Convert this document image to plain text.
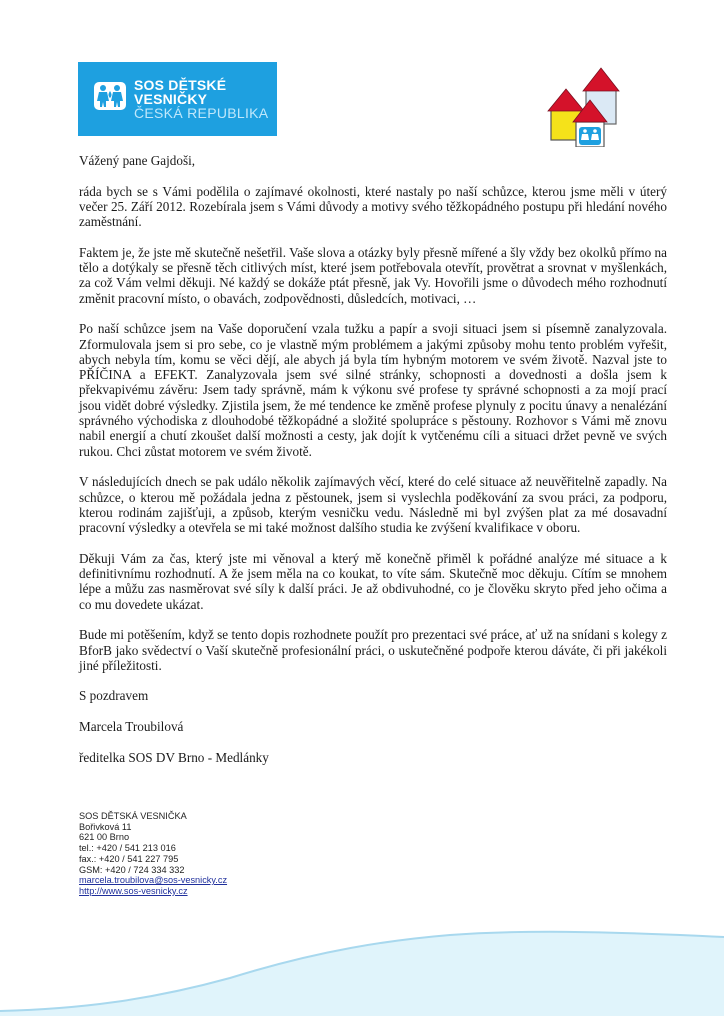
SOS DĚTSKÉ
VESNIČKY
ČESKÁ REPUBLIKA

Vážený pane Gajdoši,

ráda bych se s Vámi podělila o zajímavé okolnosti, které nastaly po naší schůzce, kterou jsme měli v úterý večer 25. Září 2012. Rozebírala jsem s Vámi důvody a motivy svého těžkopádného postupu při hledání nového zaměstnání.

Faktem je, že jste mě skutečně nešetřil. Vaše slova a otázky byly přesně mířené a šly vždy bez okolků přímo na tělo a dotýkaly se přesně těch citlivých míst, které jsem potřebovala otevřít, provětrat a srovnat v myšlenkách, za což Vám velmi děkuji. Né každý se dokáže ptát přesně, jak Vy. Hovořili jsme o důvodech mého rozhodnutí změnit pracovní místo, o obavách, zodpovědnosti, důsledcích, motivaci, …

Po naší schůzce jsem na Vaše doporučení vzala tužku a papír a svoji situaci jsem si písemně zanalyzovala. Zformulovala jsem si pro sebe, co je vlastně mým problémem a jakými způsoby mohu tento problém vyřešit, abych nebyla tím, komu se věci dějí, ale abych já byla tím hybným motorem ve svém životě. Nazval jste to PŘÍČINA a EFEKT. Zanalyzovala jsem své silné stránky, schopnosti a dovednosti a došla jsem k překvapivému závěru: Jsem tady správně, mám k výkonu své profese ty správné schopnosti a za mojí prací jsou vidět dobré výsledky. Zjistila jsem, že mé tendence ke změně profese plynuly z pocitu únavy a nenalézání správného východiska z dlouhodobé těžkopádné a složité spolupráce s pěstouny. Rozhovor s Vámi mě znovu nabil energií a chutí zkoušet další možnosti a cesty, jak dojít k vytčenému cíli a situaci držet pevně ve svých rukou. Chci zůstat motorem ve svém životě.

V následujících dnech se pak událo několik zajímavých věcí, které do celé situace až neuvěřitelně zapadly. Na schůzce, o kterou mě požádala jedna z pěstounek, jsem si vyslechla poděkování za svou práci, za podporu, kterou rodinám zajišťuji, a způsob, kterým vesničku vedu. Následně mi byl zvýšen plat za mé dosavadní pracovní výsledky a otevřela se mi také možnost dalšího studia ke zvýšení kvalifikace v oboru.

Děkuji Vám za čas, který jste mi věnoval a který mě konečně přiměl k pořádné analýze mé situace a k definitivnímu rozhodnutí. A že jsem měla na co koukat, to víte sám. Skutečně moc děkuju. Cítím se mnohem lépe a můžu zas nasměrovat své síly k další práci. Je až obdivuhodné, co je člověku skryto před jeho očima a co mu dovedete ukázat.

Bude mi potěšením, když se tento dopis rozhodnete použít pro prezentaci své práce, ať už na snídani s kolegy z BforB jako svědectví o Vaší skutečně profesionální práci, o uskutečněné podpoře kterou dáváte, či při jakékoli jiné příležitosti.

S pozdravem

Marcela Troubilová

ředitelka SOS DV Brno - Medlánky

SOS DĚTSKÁ VESNIČKA
Bořivková 11
621 00 Brno
tel.: +420 / 541 213 016
fax.: +420 / 541 227 795
GSM: +420 / 724 334 332
marcela.troubilova@sos-vesnicky.cz
http://www.sos-vesnicky.cz
